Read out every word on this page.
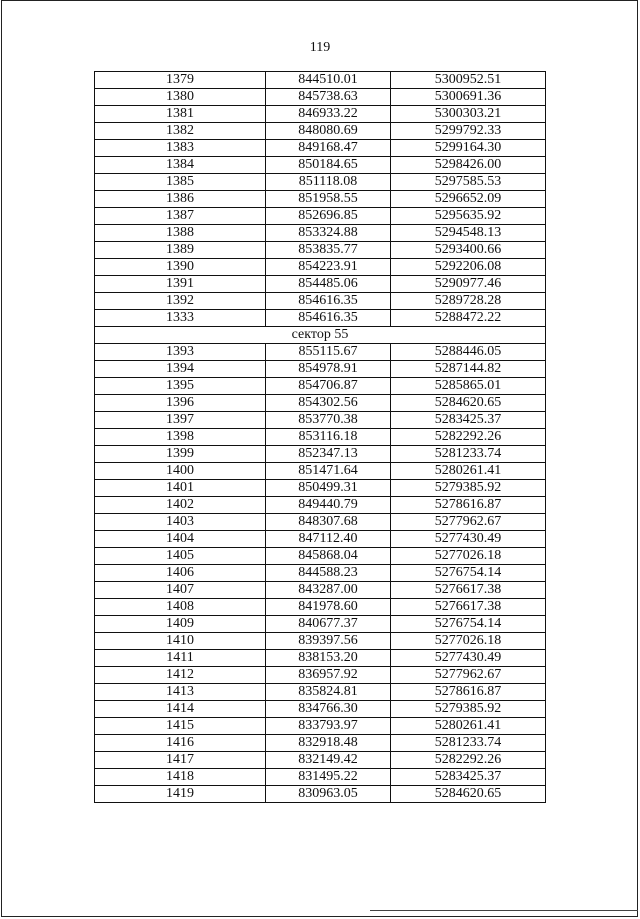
119
1379	844510.01	5300952.51
1380	845738.63	5300691.36
1381	846933.22	5300303.21
1382	848080.69	5299792.33
1383	849168.47	5299164.30
1384	850184.65	5298426.00
1385	851118.08	5297585.53
1386	851958.55	5296652.09
1387	852696.85	5295635.92
1388	853324.88	5294548.13
1389	853835.77	5293400.66
1390	854223.91	5292206.08
1391	854485.06	5290977.46
1392	854616.35	5289728.28
1333	854616.35	5288472.22
сектор 55		
1393	855115.67	5288446.05
1394	854978.91	5287144.82
1395	854706.87	5285865.01
1396	854302.56	5284620.65
1397	853770.38	5283425.37
1398	853116.18	5282292.26
1399	852347.13	5281233.74
1400	851471.64	5280261.41
1401	850499.31	5279385.92
1402	849440.79	5278616.87
1403	848307.68	5277962.67
1404	847112.40	5277430.49
1405	845868.04	5277026.18
1406	844588.23	5276754.14
1407	843287.00	5276617.38
1408	841978.60	5276617.38
1409	840677.37	5276754.14
1410	839397.56	5277026.18
1411	838153.20	5277430.49
1412	836957.92	5277962.67
1413	835824.81	5278616.87
1414	834766.30	5279385.92
1415	833793.97	5280261.41
1416	832918.48	5281233.74
1417	832149.42	5282292.26
1418	831495.22	5283425.37
1419	830963.05	5284620.65
